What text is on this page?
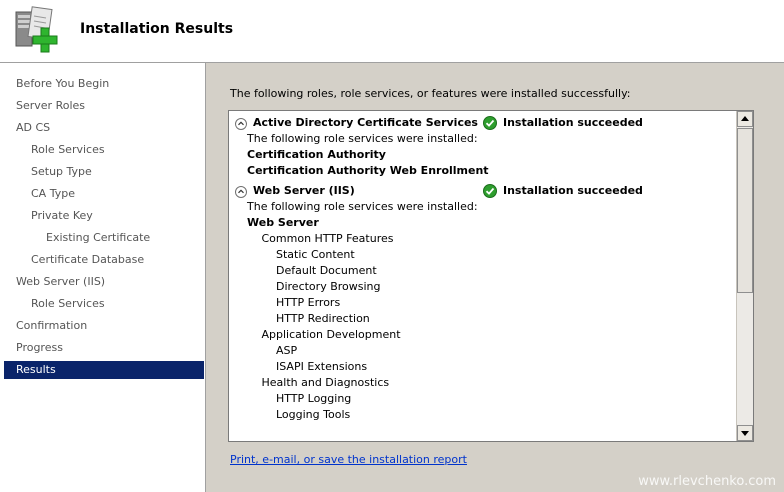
Installation Results
Before You Begin
Server Roles
AD CS
Role Services
Setup Type
CA Type
Private Key
Existing Certificate
Certificate Database
Web Server (IIS)
Role Services
Confirmation
Progress
Results
The following roles, role services, or features were installed successfully:
Active Directory Certificate Services Installation succeeded
The following role services were installed:
Certification Authority
Certification Authority Web Enrollment
Web Server (IIS)	Installation succeeded
The following role services were installed:
Web Server
Common HTTP Features
Static Content
Default Document
Directory Browsing
HTTP Errors
HTTP Redirection
Application Development
ASP
ISAPI Extensions
Health and Diagnostics
HTTP Logging
Logging Tools
Print, e-mail, or save the installation report
www.rlevchenko.com
